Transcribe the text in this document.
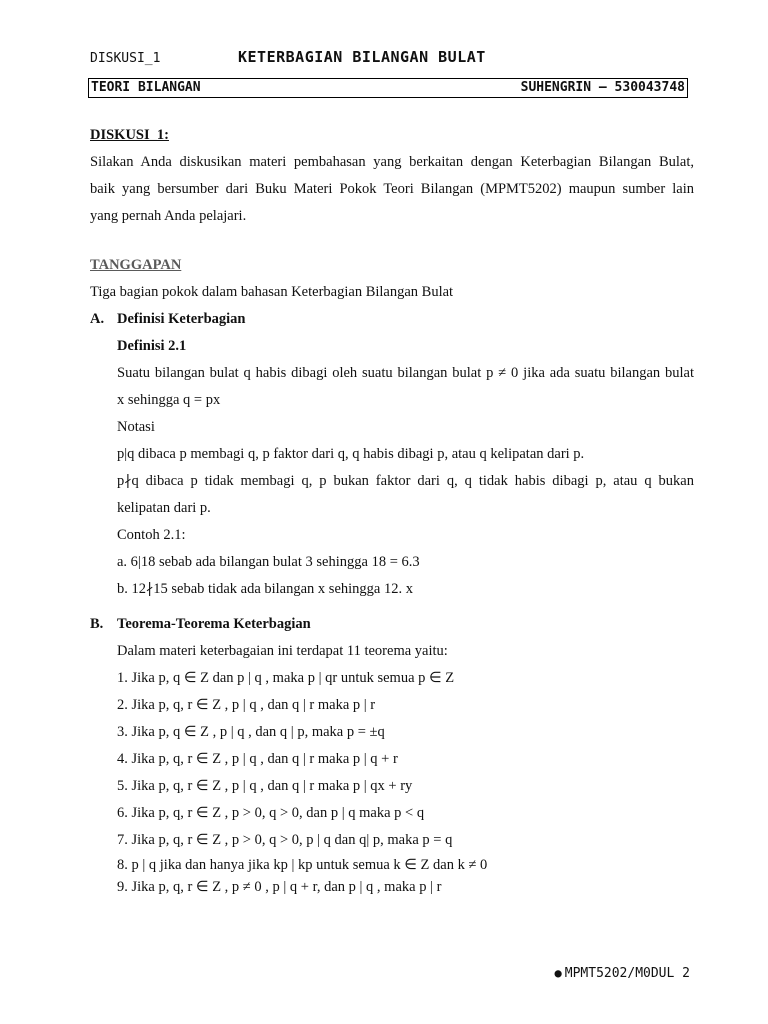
DISKUSI_1	KETERBAGIAN BILANGAN BULAT
TEORI BILANGAN	SUHENGRIN – 530043748
DISKUSI_1:
Silakan Anda diskusikan materi pembahasan yang berkaitan dengan Keterbagian Bilangan Bulat,
baik yang bersumber dari Buku Materi Pokok Teori Bilangan (MPMT5202) maupun sumber lain
yang pernah Anda pelajari.
TANGGAPAN
Tiga bagian pokok dalam bahasan Keterbagian Bilangan Bulat
A. Definisi Keterbagian
Definisi 2.1
Suatu bilangan bulat q habis dibagi oleh suatu bilangan bulat p ≠ 0 jika ada suatu bilangan bulat
x sehingga q = px
Notasi
p|q dibaca p membagi q, p faktor dari q, q habis dibagi p, atau q kelipatan dari p.
p∤q dibaca p tidak membagi q, p bukan faktor dari q, q tidak habis dibagi p, atau q bukan
kelipatan dari p.
Contoh 2.1:
a. 6|18 sebab ada bilangan bulat 3 sehingga 18 = 6.3
b. 12∤15 sebab tidak ada bilangan x sehingga 12. x
B. Teorema-Teorema Keterbagian
Dalam materi keterbagaian ini terdapat 11 teorema yaitu:
1. Jika p, q ∈ Z dan p | q , maka p | qr untuk semua p ∈ Z
2. Jika p, q, r ∈ Z , p | q , dan q | r maka p | r
3. Jika p, q ∈ Z , p | q , dan q | p, maka p = ±q
4. Jika p, q, r ∈ Z , p | q , dan q | r maka p | q + r
5. Jika p, q, r ∈ Z , p | q , dan q | r maka p | qx + ry
6. Jika p, q, r ∈ Z , p > 0, q > 0, dan p | q maka p < q
7. Jika p, q, r ∈ Z , p > 0, q > 0, p | q dan q| p, maka p = q
8. p | q jika dan hanya jika kp | kp untuk semua k ∈ Z dan k ≠ 0
9. Jika p, q, r ∈ Z , p ≠ 0 , p | q + r, dan p | q , maka p | r
● MPMT5202/M0DUL 2
